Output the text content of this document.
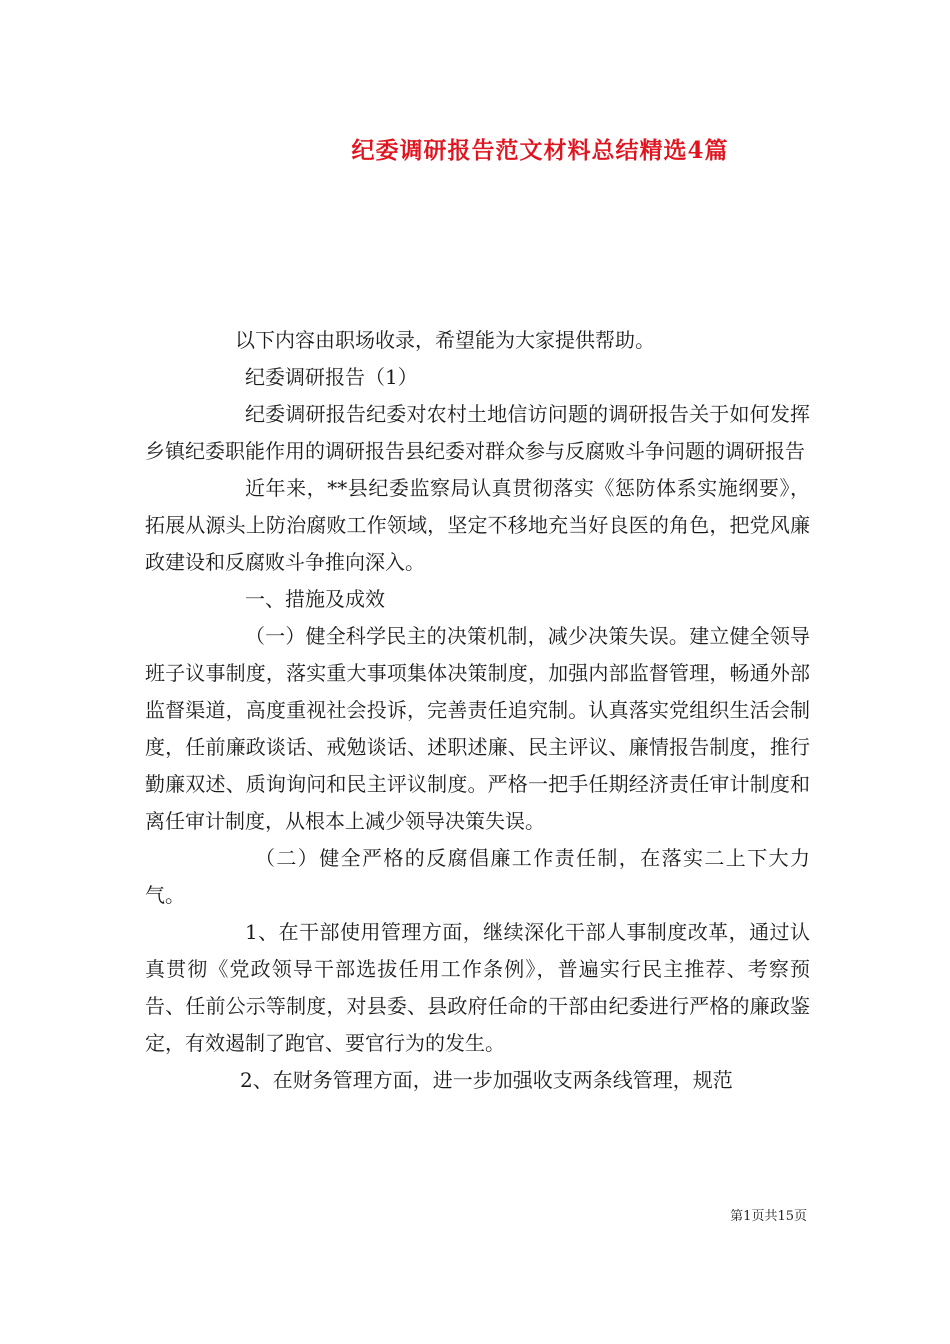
纪委调研报告范文材料总结精选4篇

以下内容由职场收录，希望能为大家提供帮助。

纪委调研报告（1）

纪委调研报告纪委对农村土地信访问题的调研报告关于如何发挥乡镇纪委职能作用的调研报告县纪委对群众参与反腐败斗争问题的调研报告

近年来，**县纪委监察局认真贯彻落实《惩防体系实施纲要》，拓展从源头上防治腐败工作领域，坚定不移地充当好良医的角色，把党风廉政建设和反腐败斗争推向深入。

一、措施及成效

（一）健全科学民主的决策机制，减少决策失误。建立健全领导班子议事制度，落实重大事项集体决策制度，加强内部监督管理，畅通外部监督渠道，高度重视社会投诉，完善责任追究制。认真落实党组织生活会制度，任前廉政谈话、戒勉谈话、述职述廉、民主评议、廉情报告制度，推行勤廉双述、质询询问和民主评议制度。严格一把手任期经济责任审计制度和离任审计制度，从根本上减少领导决策失误。

（二）健全严格的反腐倡廉工作责任制，在落实二上下大力气。

1、在干部使用管理方面，继续深化干部人事制度改革，通过认真贯彻《党政领导干部选拔任用工作条例》，普遍实行民主推荐、考察预告、任前公示等制度，对县委、县政府任命的干部由纪委进行严格的廉政鉴定，有效遏制了跑官、要官行为的发生。

2、在财务管理方面，进一步加强收支两条线管理，规范

第1页共15页
